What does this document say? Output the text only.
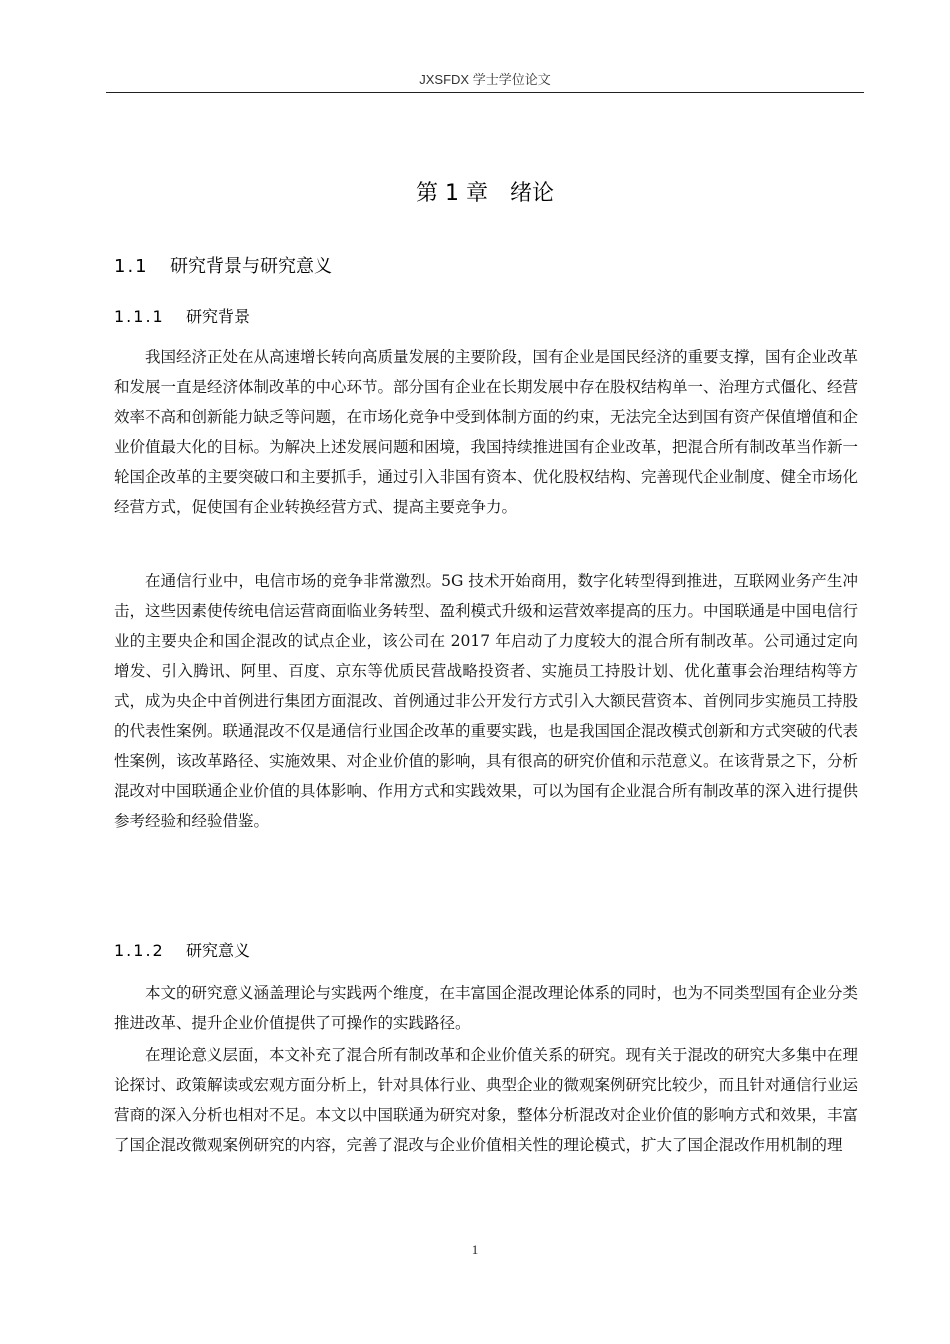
JXSFDX 学士学位论文
第 1 章 绪论
1.1 研究背景与研究意义
1.1.1 研究背景

我国经济正处在从高速增长转向高质量发展的主要阶段，国有企业是国民经济的重要支撑，国有企业改革和发展一直是经济体制改革的中心环节。部分国有企业在长期发展中存在股权结构单一、治理方式僵化、经营效率不高和创新能力缺乏等问题，在市场化竞争中受到体制方面的约束，无法完全达到国有资产保值增值和企业价值最大化的目标。为解决上述发展问题和困境，我国持续推进国有企业改革，把混合所有制改革当作新一轮国企改革的主要突破口和主要抓手，通过引入非国有资本、优化股权结构、完善现代企业制度、健全市场化经营方式，促使国有企业转换经营方式、提高主要竞争力。

在通信行业中，电信市场的竞争非常激烈。5G 技术开始商用，数字化转型得到推进，互联网业务产生冲击，这些因素使传统电信运营商面临业务转型、盈利模式升级和运营效率提高的压力。中国联通是中国电信行业的主要央企和国企混改的试点企业，该公司在 2017 年启动了力度较大的混合所有制改革。公司通过定向增发、引入腾讯、阿里、百度、京东等优质民营战略投资者、实施员工持股计划、优化董事会治理结构等方式，成为央企中首例进行集团方面混改、首例通过非公开发行方式引入大额民营资本、首例同步实施员工持股的代表性案例。联通混改不仅是通信行业国企改革的重要实践，也是我国国企混改模式创新和方式突破的代表性案例，该改革路径、实施效果、对企业价值的影响，具有很高的研究价值和示范意义。在该背景之下，分析混改对中国联通企业价值的具体影响、作用方式和实践效果，可以为国有企业混合所有制改革的深入进行提供参考经验和经验借鉴。

1.1.2 研究意义

本文的研究意义涵盖理论与实践两个维度，在丰富国企混改理论体系的同时，也为不同类型国有企业分类推进改革、提升企业价值提供了可操作的实践路径。

在理论意义层面，本文补充了混合所有制改革和企业价值关系的研究。现有关于混改的研究大多集中在理论探讨、政策解读或宏观方面分析上，针对具体行业、典型企业的微观案例研究比较少，而且针对通信行业运营商的深入分析也相对不足。本文以中国联通为研究对象，整体分析混改对企业价值的影响方式和效果，丰富了国企混改微观案例研究的内容，完善了混改与企业价值相关性的理论模式，扩大了国企混改作用机制的理

1
